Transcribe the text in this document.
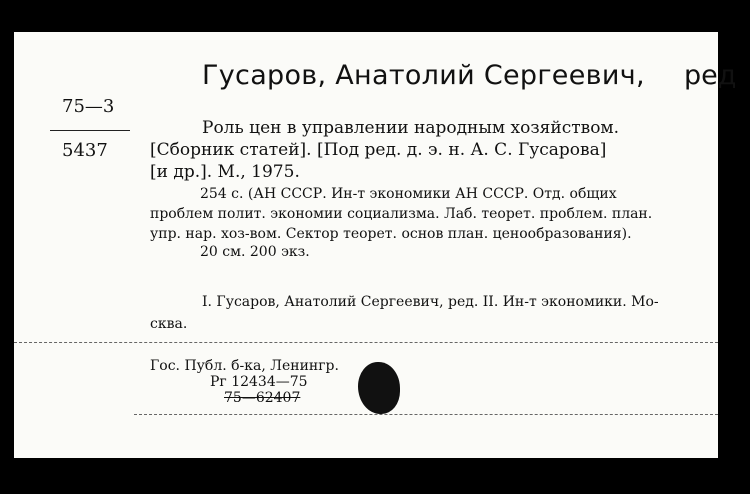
Гусаров, Анатолий Сергеевич, ред
75—3
5437
Роль цен в управлении народным хозяйством.
[Сборник статей]. [Под ред. д. э. н. А. С. Гусарова]
[и др.]. М., 1975.
254 с. (АН СССР. Ин-т экономики АН СССР. Отд. общих
проблем полит. экономии социализма. Лаб. теорет. проблем. план.
упр. нар. хоз-вом. Сектор теорет. основ план. ценообразования).
20 см. 200 экз.
I. Гусаров, Анатолий Сергеевич, ред. II. Ин-т экономики. Мо-
сква.
Гос. Публ. б-ка, Ленингр.
Рг 12434—75
75—62407
